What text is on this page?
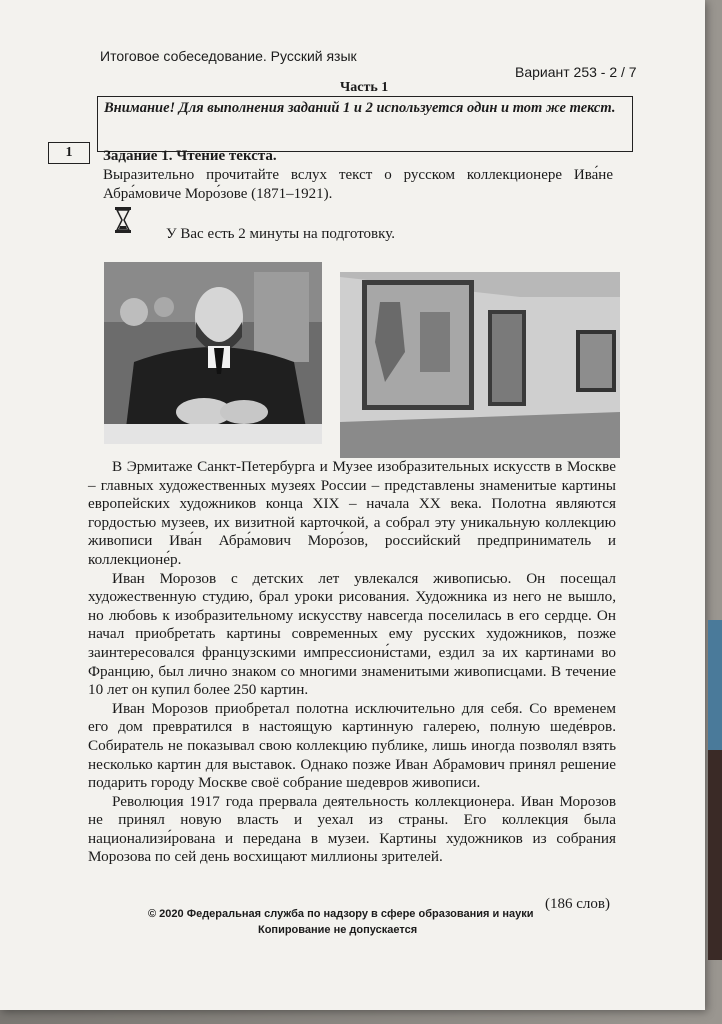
Итоговое собеседование. Русский язык
Вариант 253 - 2 / 7
Часть 1
Внимание! Для выполнения заданий 1 и 2 используется один и тот же текст.
1	Задание 1. Чтение текста.
Выразительно прочитайте вслух текст о русском коллекционере Ива́не Абра́мовиче Моро́зове (1871–1921).
У Вас есть 2 минуты на подготовку.

В Эрмитаже Санкт-Петербурга и Музее изобразительных искусств в Москве – главных художественных музеях России – представлены знаменитые картины европейских художников конца XIX – начала XX века. Полотна являются гордостью музеев, их визитной карточкой, а собрал эту уникальную коллекцию живописи Ива́н Абра́мович Моро́зов, российский предприниматель и коллекционе́р.

Иван Морозов с детских лет увлекался живописью. Он посещал художественную студию, брал уроки рисования. Художника из него не вышло, но любовь к изобразительному искусству навсегда поселилась в его сердце. Он начал приобретать картины современных ему русских художников, позже заинтересовался французскими импрессиони́стами, ездил за их картинами во Францию, был лично знаком со многими знаменитыми живописцами. В течение 10 лет он купил более 250 картин.

Иван Морозов приобретал полотна исключительно для себя. Со временем его дом превратился в настоящую картинную галерею, полную шеде́вров. Собиратель не показывал свою коллекцию публике, лишь иногда позволял взять несколько картин для выставок. Однако позже Иван Абрамович принял решение подарить городу Москве своё собрание шедевров живописи.

Революция 1917 года прервала деятельность коллекционера. Иван Морозов не принял новую власть и уехал из страны. Его коллекция была национализи́рована и передана в музеи. Картины художников из собрания Морозова по сей день восхищают миллионы зрителей.

(186 слов)
© 2020 Федеральная служба по надзору в сфере образования и науки
Копирование не допускается
